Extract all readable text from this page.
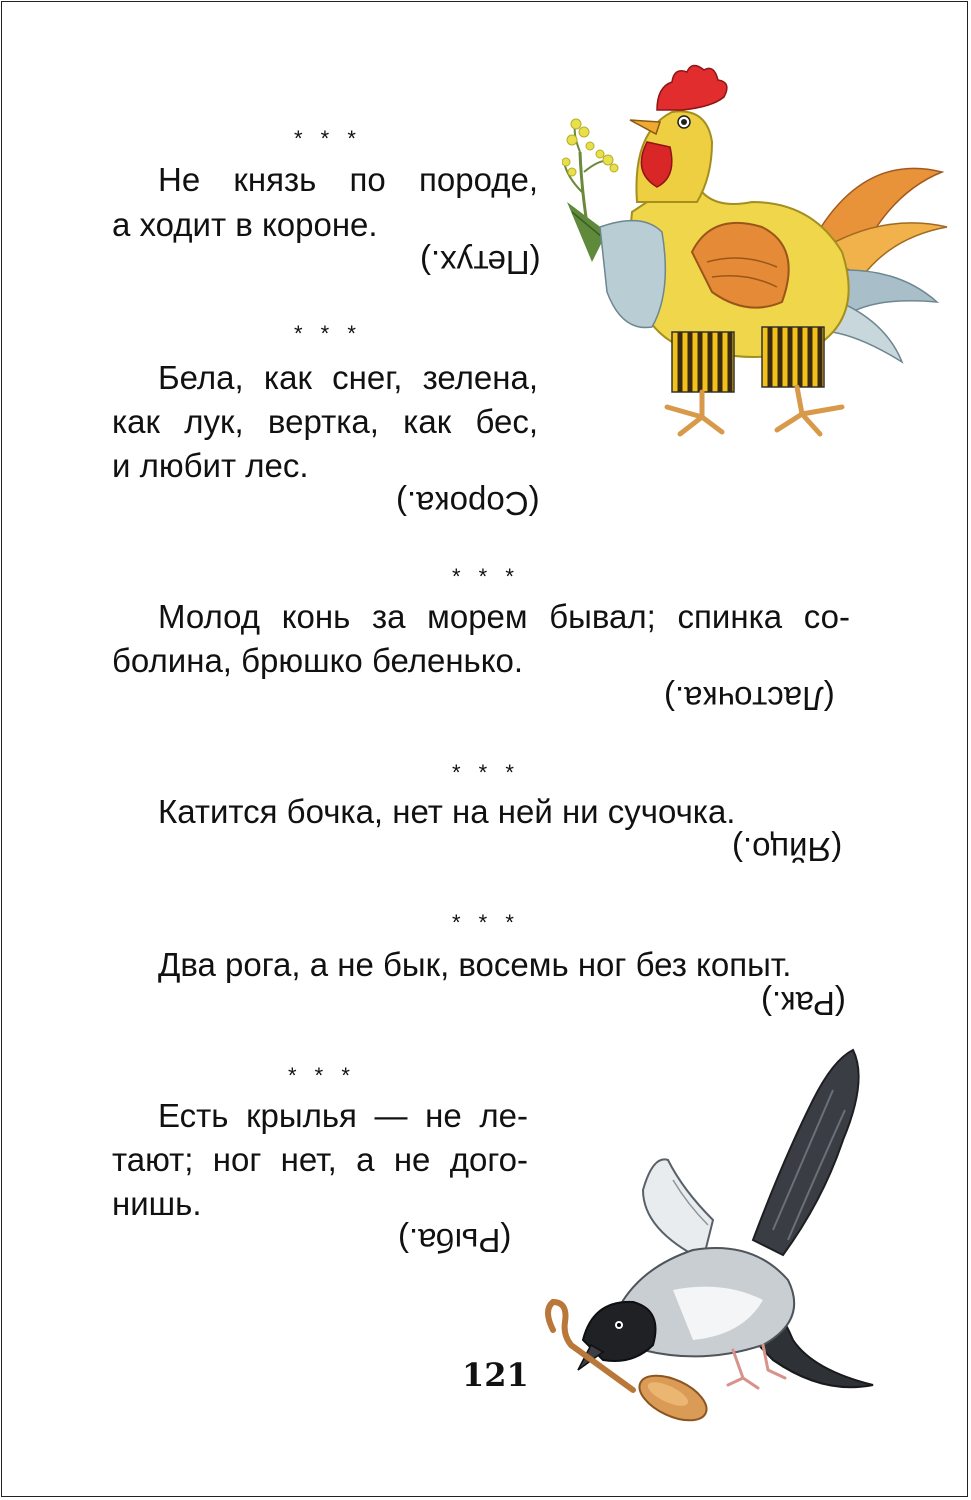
* * *
Не князь по породе,
а ходит в короне.
(Петух.)
* * *
Бела, как снег, зелена,
как лук, вертка, как бес,
и любит лес.
(Сорока.)
* * *
Молод конь за морем бывал; спинка со-
болина, брюшко беленько.
(Ласточка.)
* * *
Катится бочка, нет на ней ни сучочка.
(Яйцо.)
* * *
Два рога, а не бык, восемь ног без копыт.
(Рак.)
* * *
Есть крылья — не ле-
тают; ног нет, а не дого-
нишь.
(Рыба.)
121
